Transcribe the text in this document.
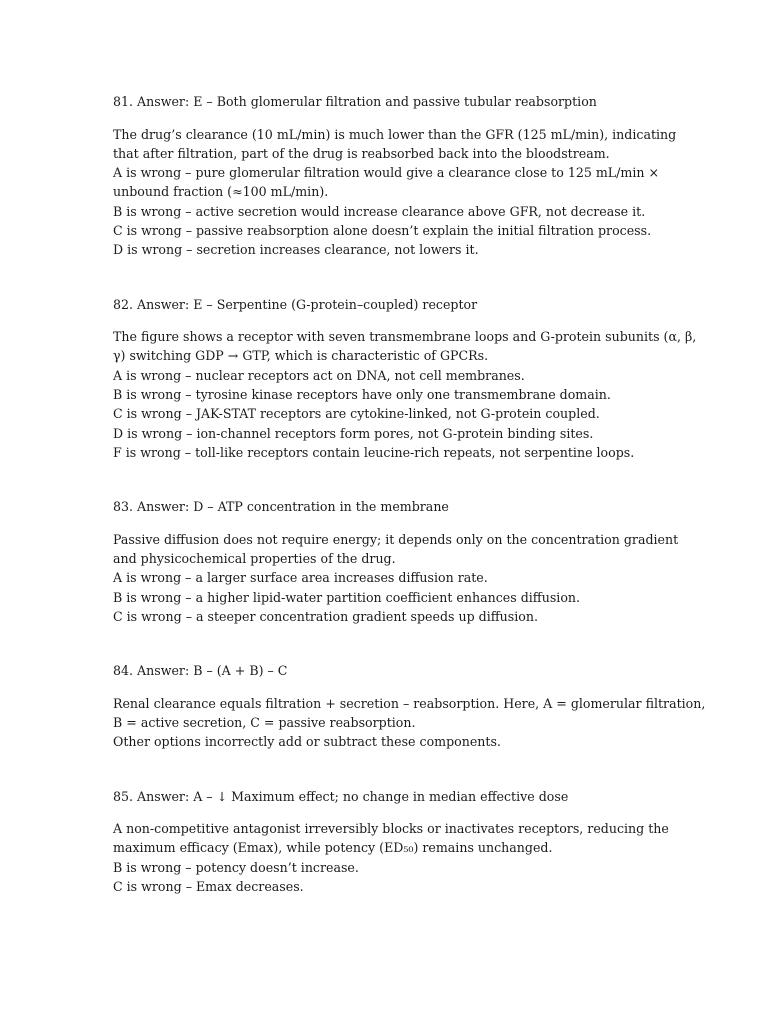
81. Answer: E – Both glomerular filtration and passive tubular reabsorption
The drug’s clearance (10 mL/min) is much lower than the GFR (125 mL/min), indicating
that after filtration, part of the drug is reabsorbed back into the bloodstream.
A is wrong – pure glomerular filtration would give a clearance close to 125 mL/min ×
unbound fraction (≈100 mL/min).
B is wrong – active secretion would increase clearance above GFR, not decrease it.
C is wrong – passive reabsorption alone doesn’t explain the initial filtration process.
D is wrong – secretion increases clearance, not lowers it.
82. Answer: E – Serpentine (G-protein–coupled) receptor
The figure shows a receptor with seven transmembrane loops and G-protein subunits (α, β,
γ) switching GDP → GTP, which is characteristic of GPCRs.
A is wrong – nuclear receptors act on DNA, not cell membranes.
B is wrong – tyrosine kinase receptors have only one transmembrane domain.
C is wrong – JAK-STAT receptors are cytokine-linked, not G-protein coupled.
D is wrong – ion-channel receptors form pores, not G-protein binding sites.
F is wrong – toll-like receptors contain leucine-rich repeats, not serpentine loops.
83. Answer: D – ATP concentration in the membrane
Passive diffusion does not require energy; it depends only on the concentration gradient
and physicochemical properties of the drug.
A is wrong – a larger surface area increases diffusion rate.
B is wrong – a higher lipid-water partition coefficient enhances diffusion.
C is wrong – a steeper concentration gradient speeds up diffusion.
84. Answer: B – (A + B) – C
Renal clearance equals filtration + secretion – reabsorption. Here, A = glomerular filtration,
B = active secretion, C = passive reabsorption.
Other options incorrectly add or subtract these components.
85. Answer: A – ↓ Maximum effect; no change in median effective dose
A non-competitive antagonist irreversibly blocks or inactivates receptors, reducing the
maximum efficacy (Emax), while potency (ED₅₀) remains unchanged.
B is wrong – potency doesn’t increase.
C is wrong – Emax decreases.
